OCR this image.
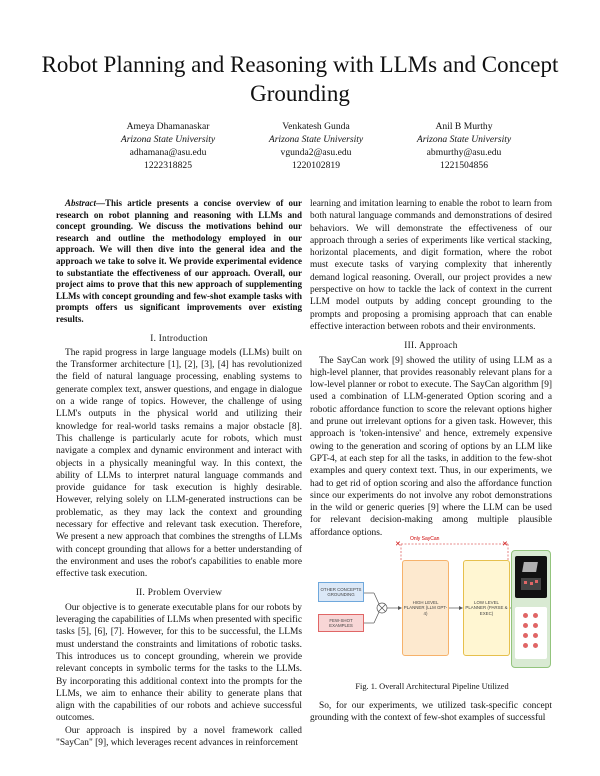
Robot Planning and Reasoning with LLMs and Concept Grounding
Ameya Dhamanaskar
Arizona State University
adhamana@asu.edu
1222318825
Venkatesh Gunda
Arizona State University
vgunda2@asu.edu
1220102819
Anil B Murthy
Arizona State University
abmurthy@asu.edu
1221504856
Abstract—This article presents a concise overview of our research on robot planning and reasoning with LLMs and concept grounding. We discuss the motivations behind our research and outline the methodology employed in our approach. We will then dive into the general idea and the approach we take to solve it. We provide experimental evidence to substantiate the effectiveness of our approach. Overall, our project aims to prove that this new approach of supplementing LLMs with concept grounding and few-shot example tasks with prompts offers us significant improvements over existing results.
I. Introduction
The rapid progress in large language models (LLMs) built on the Transformer architecture [1], [2], [3], [4] has revolutionized the field of natural language processing, enabling systems to generate complex text, answer questions, and engage in dialogue on a wide range of topics. However, the challenge of using LLM's outputs in the physical world and utilizing their knowledge for real-world tasks remains a major obstacle [8]. This challenge is particularly acute for robots, which must navigate a complex and dynamic environment and interact with objects in a physically meaningful way. In this context, the ability of LLMs to interpret natural language commands and provide guidance for task execution is highly desirable. However, relying solely on LLM-generated instructions can be problematic, as they may lack the context and grounding necessary for effective and relevant task execution. Therefore, We present a new approach that combines the strengths of LLMs with concept grounding that allows for a better understanding of the environment and uses the robot's capabilities to enable more effective task execution.
II. Problem Overview
Our objective is to generate executable plans for our robots by leveraging the capabilities of LLMs when presented with specific tasks [5], [6], [7]. However, for this to be successful, the LLMs must understand the constraints and limitations of robotic tasks. This introduces us to concept grounding, wherein we provide relevant concepts in symbolic terms for the tasks to the LLMs. By incorporating this additional context into the prompts for the LLMs, we aim to enhance their ability to generate plans that align with the capabilities of our robots and achieve successful outcomes.
Our approach is inspired by a novel framework called "SayCan" [9], which leverages recent advances in reinforcement
learning and imitation learning to enable the robot to learn from both natural language commands and demonstrations of desired behaviors. We will demonstrate the effectiveness of our approach through a series of experiments like vertical stacking, horizontal placements, and digit formation, where the robot must execute tasks of varying complexity that inherently demand logical reasoning. Overall, our project provides a new perspective on how to tackle the lack of context in the current LLM model outputs by adding concept grounding to the prompts and proposing a promising approach that can enable effective interaction between robots and their environments.
III. Approach
The SayCan work [9] showed the utility of using LLM as a high-level planner, that provides reasonably relevant plans for a low-level planner or robot to execute. The SayCan algorithm [9] used a combination of LLM-generated Option scoring and a robotic affordance function to score the relevant options higher and prune out irrelevant options for a given task. However, this approach is 'token-intensive' and hence, extremely expensive owing to the generation and scoring of options by an LLM like GPT-4, at each step for all the tasks, in addition to the few-shot examples and query context text. Thus, in our experiments, we had to get rid of option scoring and also the affordance function since our experiments do not involve any robot demonstrations in the wild or generic queries [9] where the LLM can be used for relevant decision-making among multiple plausible affordance options.
✕	✕
Only SayCan
OTHER CONCEPTS GROUNDING
FEW-SHOT EXAMPLES
HIGH LEVEL PLANNER (LLM GPT-4)
LOW LEVEL PLANNER (PARSE & EXEC)
Fig. 1. Overall Architectural Pipeline Utilized
So, for our experiments, we utilized task-specific concept grounding with the context of few-shot examples of successful
